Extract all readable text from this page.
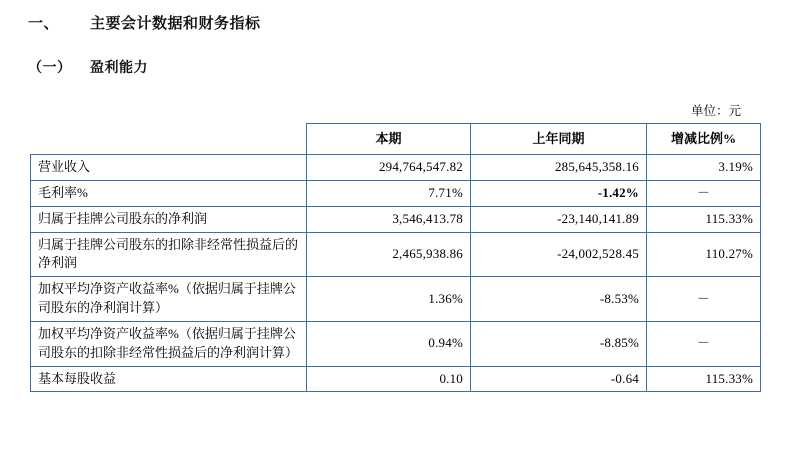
一、 主要会计数据和财务指标
（一） 盈利能力
单位：元
	本期	上年同期	增减比例%
营业收入	294,764,547.82	285,645,358.16	3.19%
毛利率%	7.71%	-1.42%	－
归属于挂牌公司股东的净利润	3,546,413.78	-23,140,141.89	115.33%
归属于挂牌公司股东的扣除非经常性损益后的净利润	2,465,938.86	-24,002,528.45	110.27%
加权平均净资产收益率%（依据归属于挂牌公司股东的净利润计算）	1.36%	-8.53%	－
加权平均净资产收益率%（依据归属于挂牌公司股东的扣除非经常性损益后的净利润计算）	0.94%	-8.85%	－
基本每股收益	0.10	-0.64	115.33%
